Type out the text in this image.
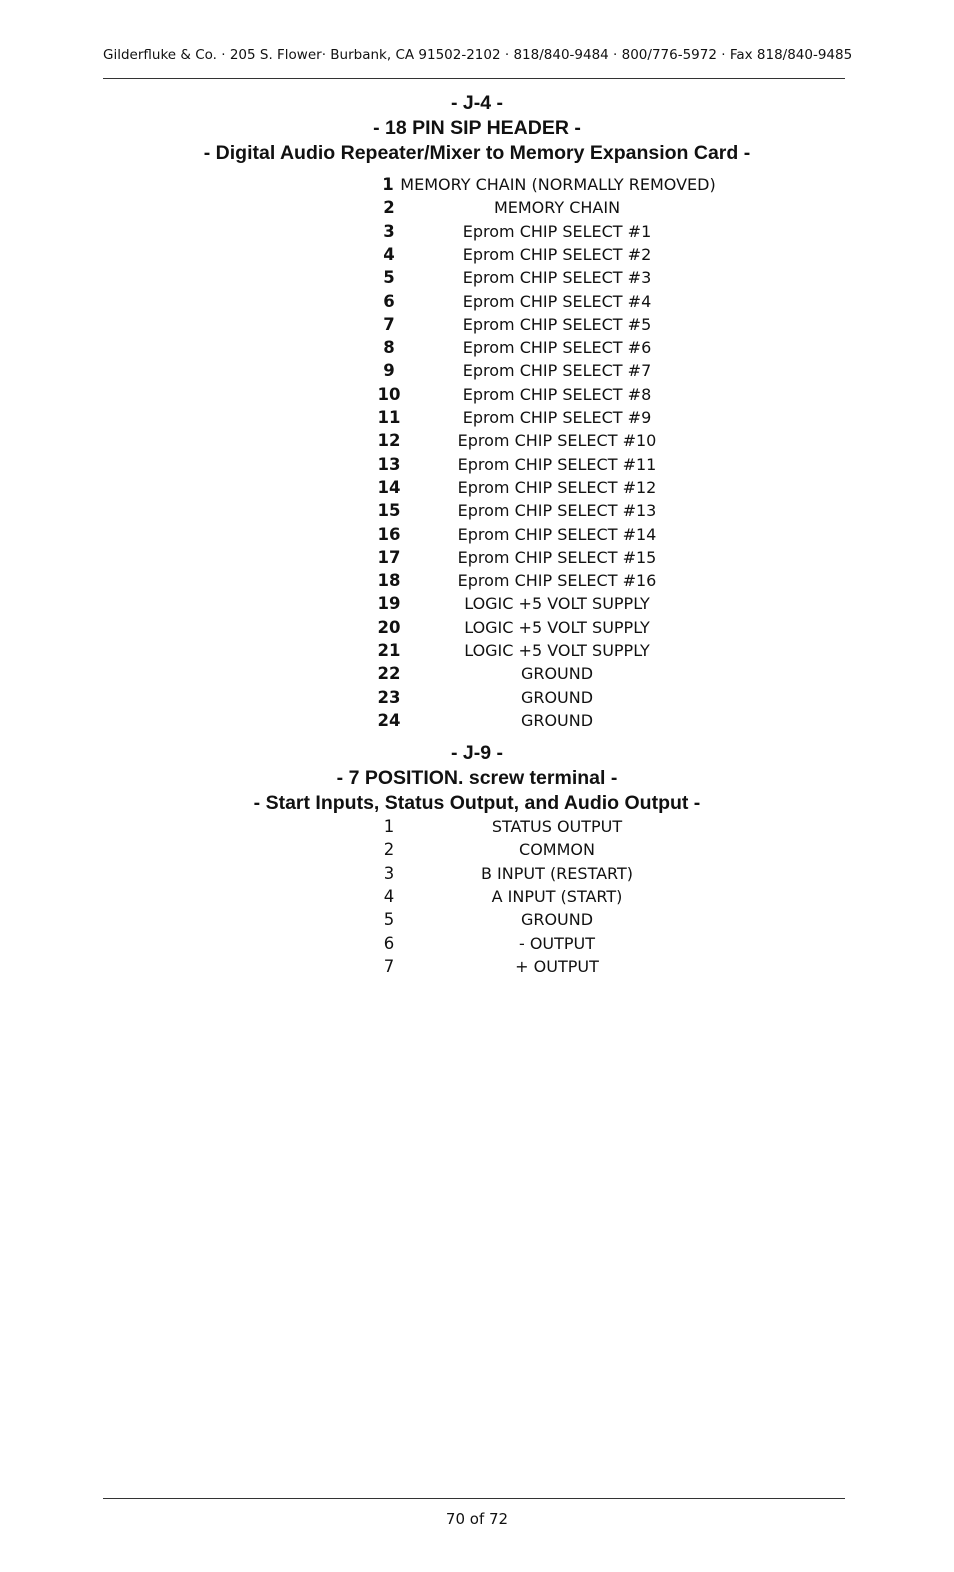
Gilderfluke & Co. · 205 S. Flower· Burbank, CA 91502-2102 · 818/840-9484 · 800/776-5972 · Fax 818/840-9485
- J-4 -
- 18 PIN SIP HEADER -
- Digital Audio Repeater/Mixer to Memory Expansion Card -
1 MEMORY CHAIN (NORMALLY REMOVED)
2	MEMORY CHAIN
3	Eprom CHIP SELECT #1
4	Eprom CHIP SELECT #2
5	Eprom CHIP SELECT #3
6	Eprom CHIP SELECT #4
7	Eprom CHIP SELECT #5
8	Eprom CHIP SELECT #6
9	Eprom CHIP SELECT #7
10	Eprom CHIP SELECT #8
11	Eprom CHIP SELECT #9
12	Eprom CHIP SELECT #10
13	Eprom CHIP SELECT #11
14	Eprom CHIP SELECT #12
15	Eprom CHIP SELECT #13
16	Eprom CHIP SELECT #14
17	Eprom CHIP SELECT #15
18	Eprom CHIP SELECT #16
19	LOGIC +5 VOLT SUPPLY
20	LOGIC +5 VOLT SUPPLY
21	LOGIC +5 VOLT SUPPLY
22	GROUND
23	GROUND
24	GROUND
- J-9 -
- 7 POSITION. screw terminal -
- Start Inputs, Status Output, and Audio Output -
1	STATUS OUTPUT
2	COMMON
3	B INPUT (RESTART)
4	A INPUT (START)
5	GROUND
6	- OUTPUT
7	+ OUTPUT
70 of 72
